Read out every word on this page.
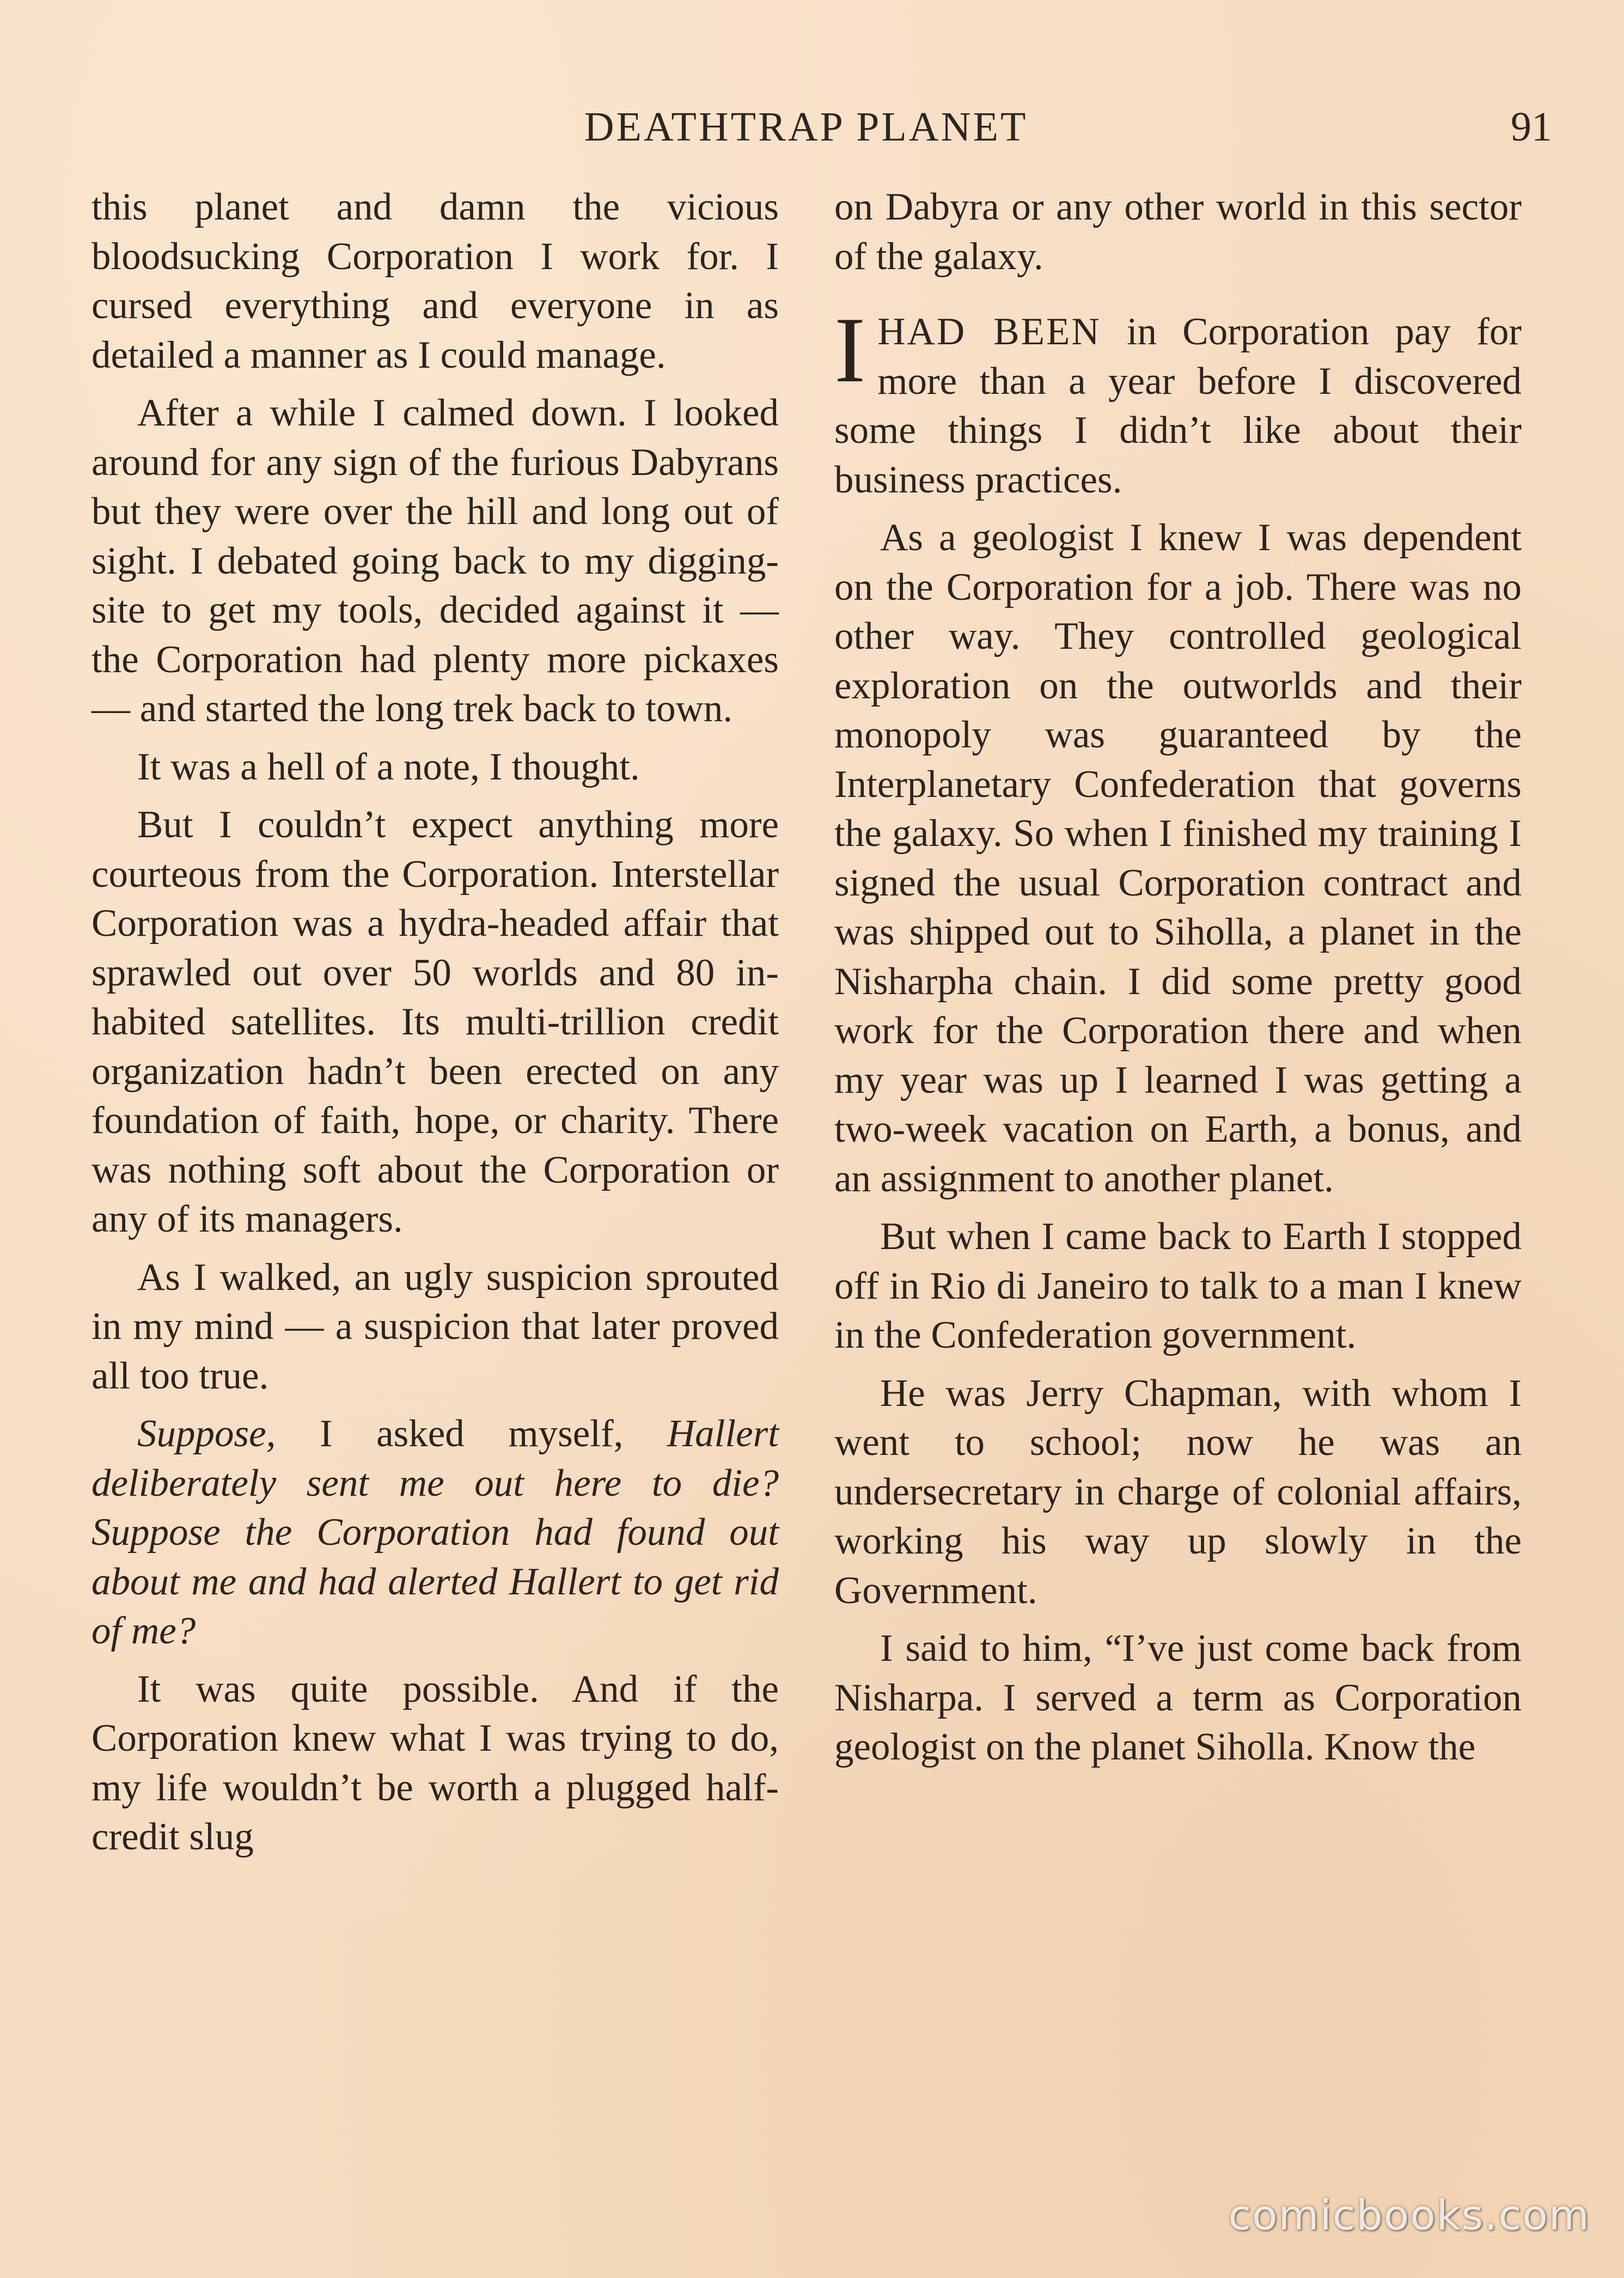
DEATHTRAP PLANET	91

this planet and damn the vicious bloodsucking Corporation I work for. I cursed everything and everyone in as detailed a manner as I could manage.

After a while I calmed down. I looked around for any sign of the furious Dabyrans but they were over the hill and long out of sight. I debated going back to my digging-site to get my tools, decided against it — the Corporation had plenty more pickaxes — and started the long trek back to town.

It was a hell of a note, I thought.

But I couldn’t expect anything more courteous from the Corporation. Interstellar Corporation was a hydra-headed affair that sprawled out over 50 worlds and 80 inhabited satellites. Its multi-trillion credit organization hadn’t been erected on any foundation of faith, hope, or charity. There was nothing soft about the Corporation or any of its managers.

As I walked, an ugly suspicion sprouted in my mind — a suspicion that later proved all too true.

Suppose, I asked myself, Hallert deliberately sent me out here to die? Suppose the Corporation had found out about me and had alerted Hallert to get rid of me?

It was quite possible. And if the Corporation knew what I was trying to do, my life wouldn’t be worth a plugged half-credit slug

on Dabyra or any other world in this sector of the galaxy.

IHAD BEEN in Corporation pay for more than a year before I discovered some things I didn’t like about their business practices.

As a geologist I knew I was dependent on the Corporation for a job. There was no other way. They controlled geological exploration on the outworlds and their monopoly was guaranteed by the Interplanetary Confederation that governs the galaxy. So when I finished my training I signed the usual Corporation contract and was shipped out to Siholla, a planet in the Nisharpha chain. I did some pretty good work for the Corporation there and when my year was up I learned I was getting a two-week vacation on Earth, a bonus, and an assignment to another planet.

But when I came back to Earth I stopped off in Rio di Janeiro to talk to a man I knew in the Confederation government.

He was Jerry Chapman, with whom I went to school; now he was an undersecretary in charge of colonial affairs, working his way up slowly in the Government.

I said to him, “I’ve just come back from Nisharpa. I served a term as Corporation geologist on the planet Siholla. Know the

comicbooks.com
